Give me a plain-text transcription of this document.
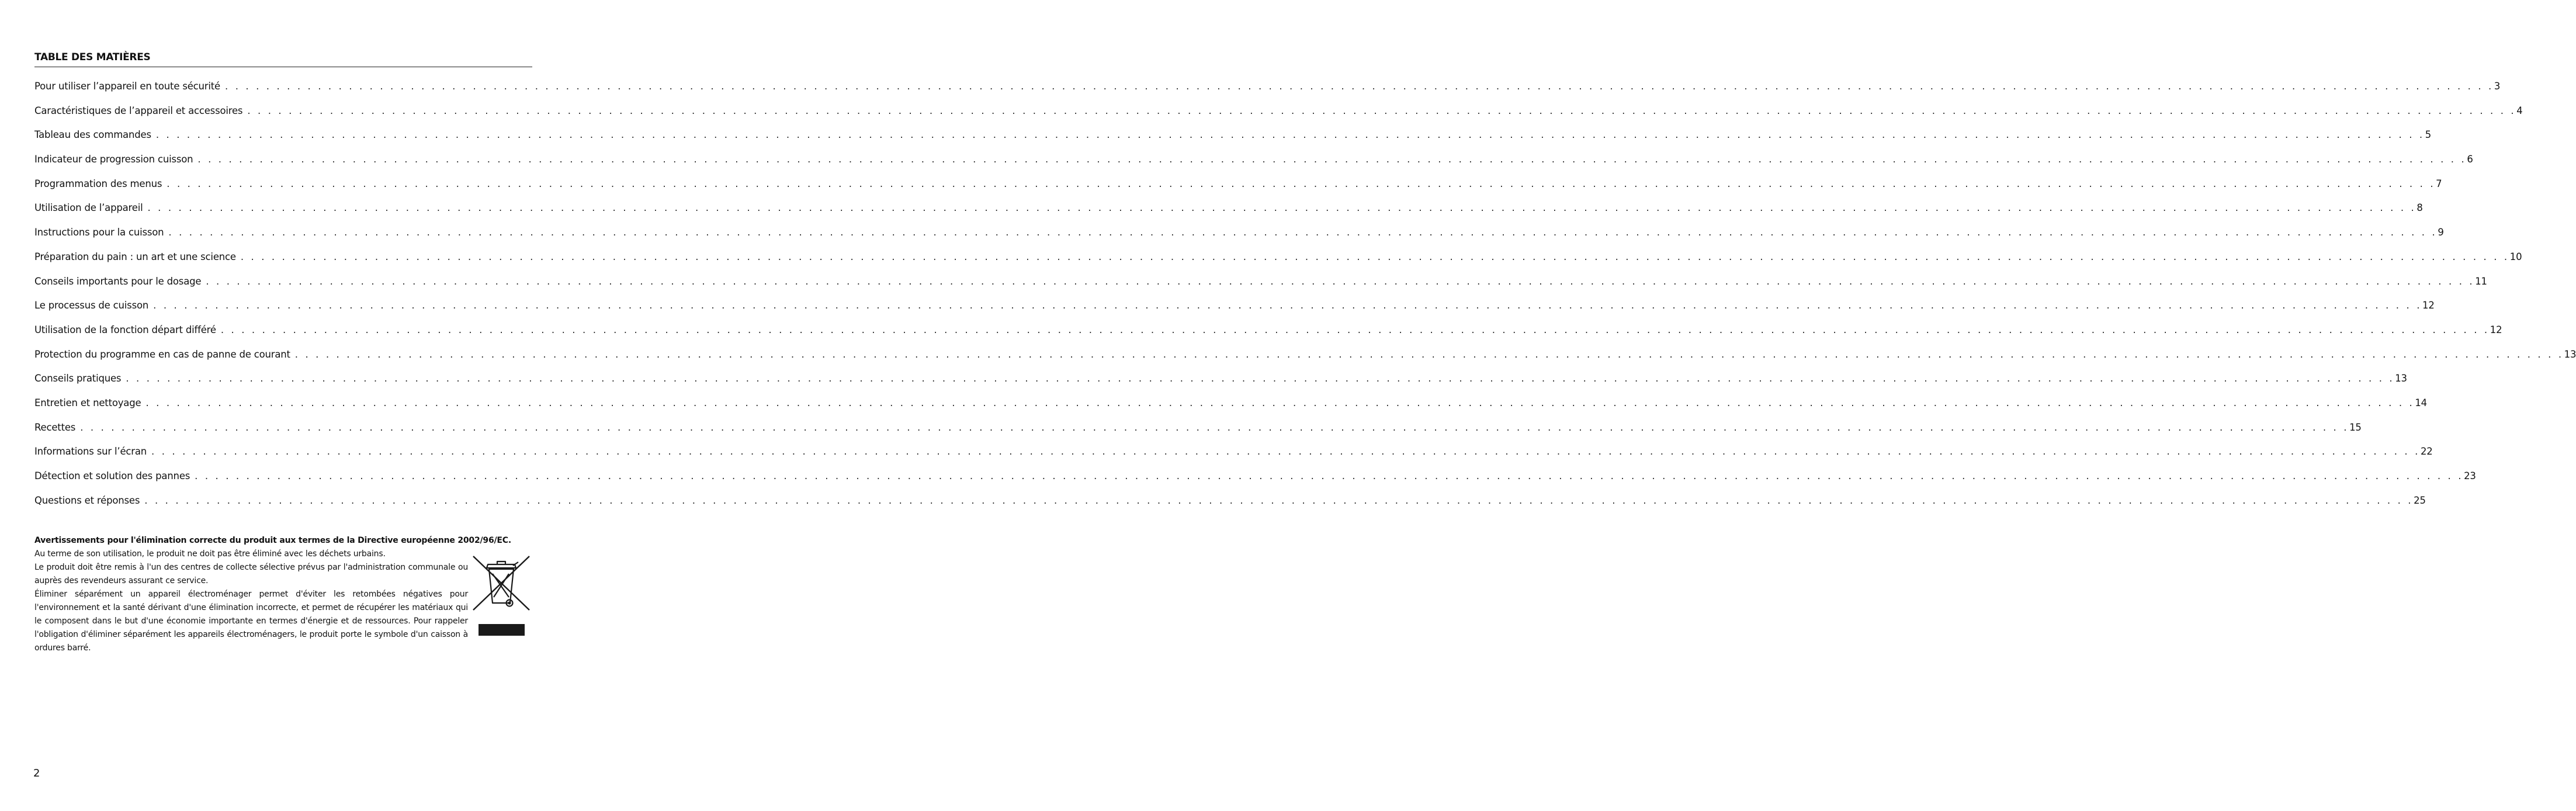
TABLE DES MATIÈRES
Pour utiliser l’appareil en toute sécurité . . . . . . . . . . . . . . . . . . . . . . . . . . . . . . . . . . . . . . . . . . . . . . . . . . . . . . . . . . . . . . . . . . . . . . . . . . . . . . . . . . . . . . . . . . . . . . . . . . . . . . . . . . . . . . . . . . . . . . . . . . . . . . . . . . . . . . . . . . . . . . . . . . . . . . . . . . . . . . . . . . . . . . . . . . . . . . . . . . . . . . . . . . . . . . . . . . . . . . . . . . . . . . . . . . . . . . . . . . . . 3
Caractéristiques de l’appareil et accessoires . . . . . . . . . . . . . . . . . . . . . . . . . . . . . . . . . . . . . . . . . . . . . . . . . . . . . . . . . . . . . . . . . . . . . . . . . . . . . . . . . . . . . . . . . . . . . . . . . . . . . . . . . . . . . . . . . . . . . . . . . . . . . . . . . . . . . . . . . . . . . . . . . . . . . . . . . . . . . . . . . . . . . . . . . . . . . . . . . . . . . . . . . . . . . . . . . . . . . . . . . . . . . . . . . . . . . . . . . . . . 4
Tableau des commandes . . . . . . . . . . . . . . . . . . . . . . . . . . . . . . . . . . . . . . . . . . . . . . . . . . . . . . . . . . . . . . . . . . . . . . . . . . . . . . . . . . . . . . . . . . . . . . . . . . . . . . . . . . . . . . . . . . . . . . . . . . . . . . . . . . . . . . . . . . . . . . . . . . . . . . . . . . . . . . . . . . . . . . . . . . . . . . . . . . . . . . . . . . . . . . . . . . . . . . . . . . . . . . . . . . . . . . . . . . . . 5
Indicateur de progression cuisson . . . . . . . . . . . . . . . . . . . . . . . . . . . . . . . . . . . . . . . . . . . . . . . . . . . . . . . . . . . . . . . . . . . . . . . . . . . . . . . . . . . . . . . . . . . . . . . . . . . . . . . . . . . . . . . . . . . . . . . . . . . . . . . . . . . . . . . . . . . . . . . . . . . . . . . . . . . . . . . . . . . . . . . . . . . . . . . . . . . . . . . . . . . . . . . . . . . . . . . . . . . . . . . . . . . . . . . . . . . . 6
Programmation des menus . . . . . . . . . . . . . . . . . . . . . . . . . . . . . . . . . . . . . . . . . . . . . . . . . . . . . . . . . . . . . . . . . . . . . . . . . . . . . . . . . . . . . . . . . . . . . . . . . . . . . . . . . . . . . . . . . . . . . . . . . . . . . . . . . . . . . . . . . . . . . . . . . . . . . . . . . . . . . . . . . . . . . . . . . . . . . . . . . . . . . . . . . . . . . . . . . . . . . . . . . . . . . . . . . . . . . . . . . . . . 7
Utilisation de l’appareil . . . . . . . . . . . . . . . . . . . . . . . . . . . . . . . . . . . . . . . . . . . . . . . . . . . . . . . . . . . . . . . . . . . . . . . . . . . . . . . . . . . . . . . . . . . . . . . . . . . . . . . . . . . . . . . . . . . . . . . . . . . . . . . . . . . . . . . . . . . . . . . . . . . . . . . . . . . . . . . . . . . . . . . . . . . . . . . . . . . . . . . . . . . . . . . . . . . . . . . . . . . . . . . . . . . . . . . . . . . . 8
Instructions pour la cuisson . . . . . . . . . . . . . . . . . . . . . . . . . . . . . . . . . . . . . . . . . . . . . . . . . . . . . . . . . . . . . . . . . . . . . . . . . . . . . . . . . . . . . . . . . . . . . . . . . . . . . . . . . . . . . . . . . . . . . . . . . . . . . . . . . . . . . . . . . . . . . . . . . . . . . . . . . . . . . . . . . . . . . . . . . . . . . . . . . . . . . . . . . . . . . . . . . . . . . . . . . . . . . . . . . . . . . . . . . . . . 9
Préparation du pain : un art et une science . . . . . . . . . . . . . . . . . . . . . . . . . . . . . . . . . . . . . . . . . . . . . . . . . . . . . . . . . . . . . . . . . . . . . . . . . . . . . . . . . . . . . . . . . . . . . . . . . . . . . . . . . . . . . . . . . . . . . . . . . . . . . . . . . . . . . . . . . . . . . . . . . . . . . . . . . . . . . . . . . . . . . . . . . . . . . . . . . . . . . . . . . . . . . . . . . . . . . . . . . . . . . . . . . . . . . . . . . . . . 10
Conseils importants pour le dosage . . . . . . . . . . . . . . . . . . . . . . . . . . . . . . . . . . . . . . . . . . . . . . . . . . . . . . . . . . . . . . . . . . . . . . . . . . . . . . . . . . . . . . . . . . . . . . . . . . . . . . . . . . . . . . . . . . . . . . . . . . . . . . . . . . . . . . . . . . . . . . . . . . . . . . . . . . . . . . . . . . . . . . . . . . . . . . . . . . . . . . . . . . . . . . . . . . . . . . . . . . . . . . . . . . . . . . . . . . . . 11
Le processus de cuisson . . . . . . . . . . . . . . . . . . . . . . . . . . . . . . . . . . . . . . . . . . . . . . . . . . . . . . . . . . . . . . . . . . . . . . . . . . . . . . . . . . . . . . . . . . . . . . . . . . . . . . . . . . . . . . . . . . . . . . . . . . . . . . . . . . . . . . . . . . . . . . . . . . . . . . . . . . . . . . . . . . . . . . . . . . . . . . . . . . . . . . . . . . . . . . . . . . . . . . . . . . . . . . . . . . . . . . . . . . . . 12
Utilisation de la fonction départ différé . . . . . . . . . . . . . . . . . . . . . . . . . . . . . . . . . . . . . . . . . . . . . . . . . . . . . . . . . . . . . . . . . . . . . . . . . . . . . . . . . . . . . . . . . . . . . . . . . . . . . . . . . . . . . . . . . . . . . . . . . . . . . . . . . . . . . . . . . . . . . . . . . . . . . . . . . . . . . . . . . . . . . . . . . . . . . . . . . . . . . . . . . . . . . . . . . . . . . . . . . . . . . . . . . . . . . . . . . . . . 12
Protection du programme en cas de panne de courant . . . . . . . . . . . . . . . . . . . . . . . . . . . . . . . . . . . . . . . . . . . . . . . . . . . . . . . . . . . . . . . . . . . . . . . . . . . . . . . . . . . . . . . . . . . . . . . . . . . . . . . . . . . . . . . . . . . . . . . . . . . . . . . . . . . . . . . . . . . . . . . . . . . . . . . . . . . . . . . . . . . . . . . . . . . . . . . . . . . . . . . . . . . . . . . . . . . . . . . . . . . . . . . . . . . . . . . . . . . . 13
Conseils pratiques . . . . . . . . . . . . . . . . . . . . . . . . . . . . . . . . . . . . . . . . . . . . . . . . . . . . . . . . . . . . . . . . . . . . . . . . . . . . . . . . . . . . . . . . . . . . . . . . . . . . . . . . . . . . . . . . . . . . . . . . . . . . . . . . . . . . . . . . . . . . . . . . . . . . . . . . . . . . . . . . . . . . . . . . . . . . . . . . . . . . . . . . . . . . . . . . . . . . . . . . . . . . . . . . . . . . . . . . . . . . 13
Entretien et nettoyage . . . . . . . . . . . . . . . . . . . . . . . . . . . . . . . . . . . . . . . . . . . . . . . . . . . . . . . . . . . . . . . . . . . . . . . . . . . . . . . . . . . . . . . . . . . . . . . . . . . . . . . . . . . . . . . . . . . . . . . . . . . . . . . . . . . . . . . . . . . . . . . . . . . . . . . . . . . . . . . . . . . . . . . . . . . . . . . . . . . . . . . . . . . . . . . . . . . . . . . . . . . . . . . . . . . . . . . . . . . . 14
Recettes . . . . . . . . . . . . . . . . . . . . . . . . . . . . . . . . . . . . . . . . . . . . . . . . . . . . . . . . . . . . . . . . . . . . . . . . . . . . . . . . . . . . . . . . . . . . . . . . . . . . . . . . . . . . . . . . . . . . . . . . . . . . . . . . . . . . . . . . . . . . . . . . . . . . . . . . . . . . . . . . . . . . . . . . . . . . . . . . . . . . . . . . . . . . . . . . . . . . . . . . . . . . . . . . . . . . . . . . . . . . 15
Informations sur l’écran . . . . . . . . . . . . . . . . . . . . . . . . . . . . . . . . . . . . . . . . . . . . . . . . . . . . . . . . . . . . . . . . . . . . . . . . . . . . . . . . . . . . . . . . . . . . . . . . . . . . . . . . . . . . . . . . . . . . . . . . . . . . . . . . . . . . . . . . . . . . . . . . . . . . . . . . . . . . . . . . . . . . . . . . . . . . . . . . . . . . . . . . . . . . . . . . . . . . . . . . . . . . . . . . . . . . . . . . . . . . 22
Détection et solution des pannes . . . . . . . . . . . . . . . . . . . . . . . . . . . . . . . . . . . . . . . . . . . . . . . . . . . . . . . . . . . . . . . . . . . . . . . . . . . . . . . . . . . . . . . . . . . . . . . . . . . . . . . . . . . . . . . . . . . . . . . . . . . . . . . . . . . . . . . . . . . . . . . . . . . . . . . . . . . . . . . . . . . . . . . . . . . . . . . . . . . . . . . . . . . . . . . . . . . . . . . . . . . . . . . . . . . . . . . . . . . . 23
Questions et réponses . . . . . . . . . . . . . . . . . . . . . . . . . . . . . . . . . . . . . . . . . . . . . . . . . . . . . . . . . . . . . . . . . . . . . . . . . . . . . . . . . . . . . . . . . . . . . . . . . . . . . . . . . . . . . . . . . . . . . . . . . . . . . . . . . . . . . . . . . . . . . . . . . . . . . . . . . . . . . . . . . . . . . . . . . . . . . . . . . . . . . . . . . . . . . . . . . . . . . . . . . . . . . . . . . . . . . . . . . . . . 25

Avertissements pour l'élimination correcte du produit aux termes de la Directive européenne 2002/96/EC.

Au terme de son utilisation, le produit ne doit pas être éliminé avec les déchets urbains.

Le produit doit être remis à l'un des centres de collecte sélective prévus par l'administration communale ou auprès des revendeurs assurant ce service.

Éliminer séparément un appareil électroménager permet d'éviter les retombées négatives pour l'environnement et la santé dérivant d'une élimination incorrecte, et permet de récupérer les matériaux qui le composent dans le but d'une économie importante en termes d'énergie et de ressources. Pour rappeler l'obligation d'éliminer séparément les appareils électroménagers, le produit porte le symbole d'un caisson à ordures barré.

2
